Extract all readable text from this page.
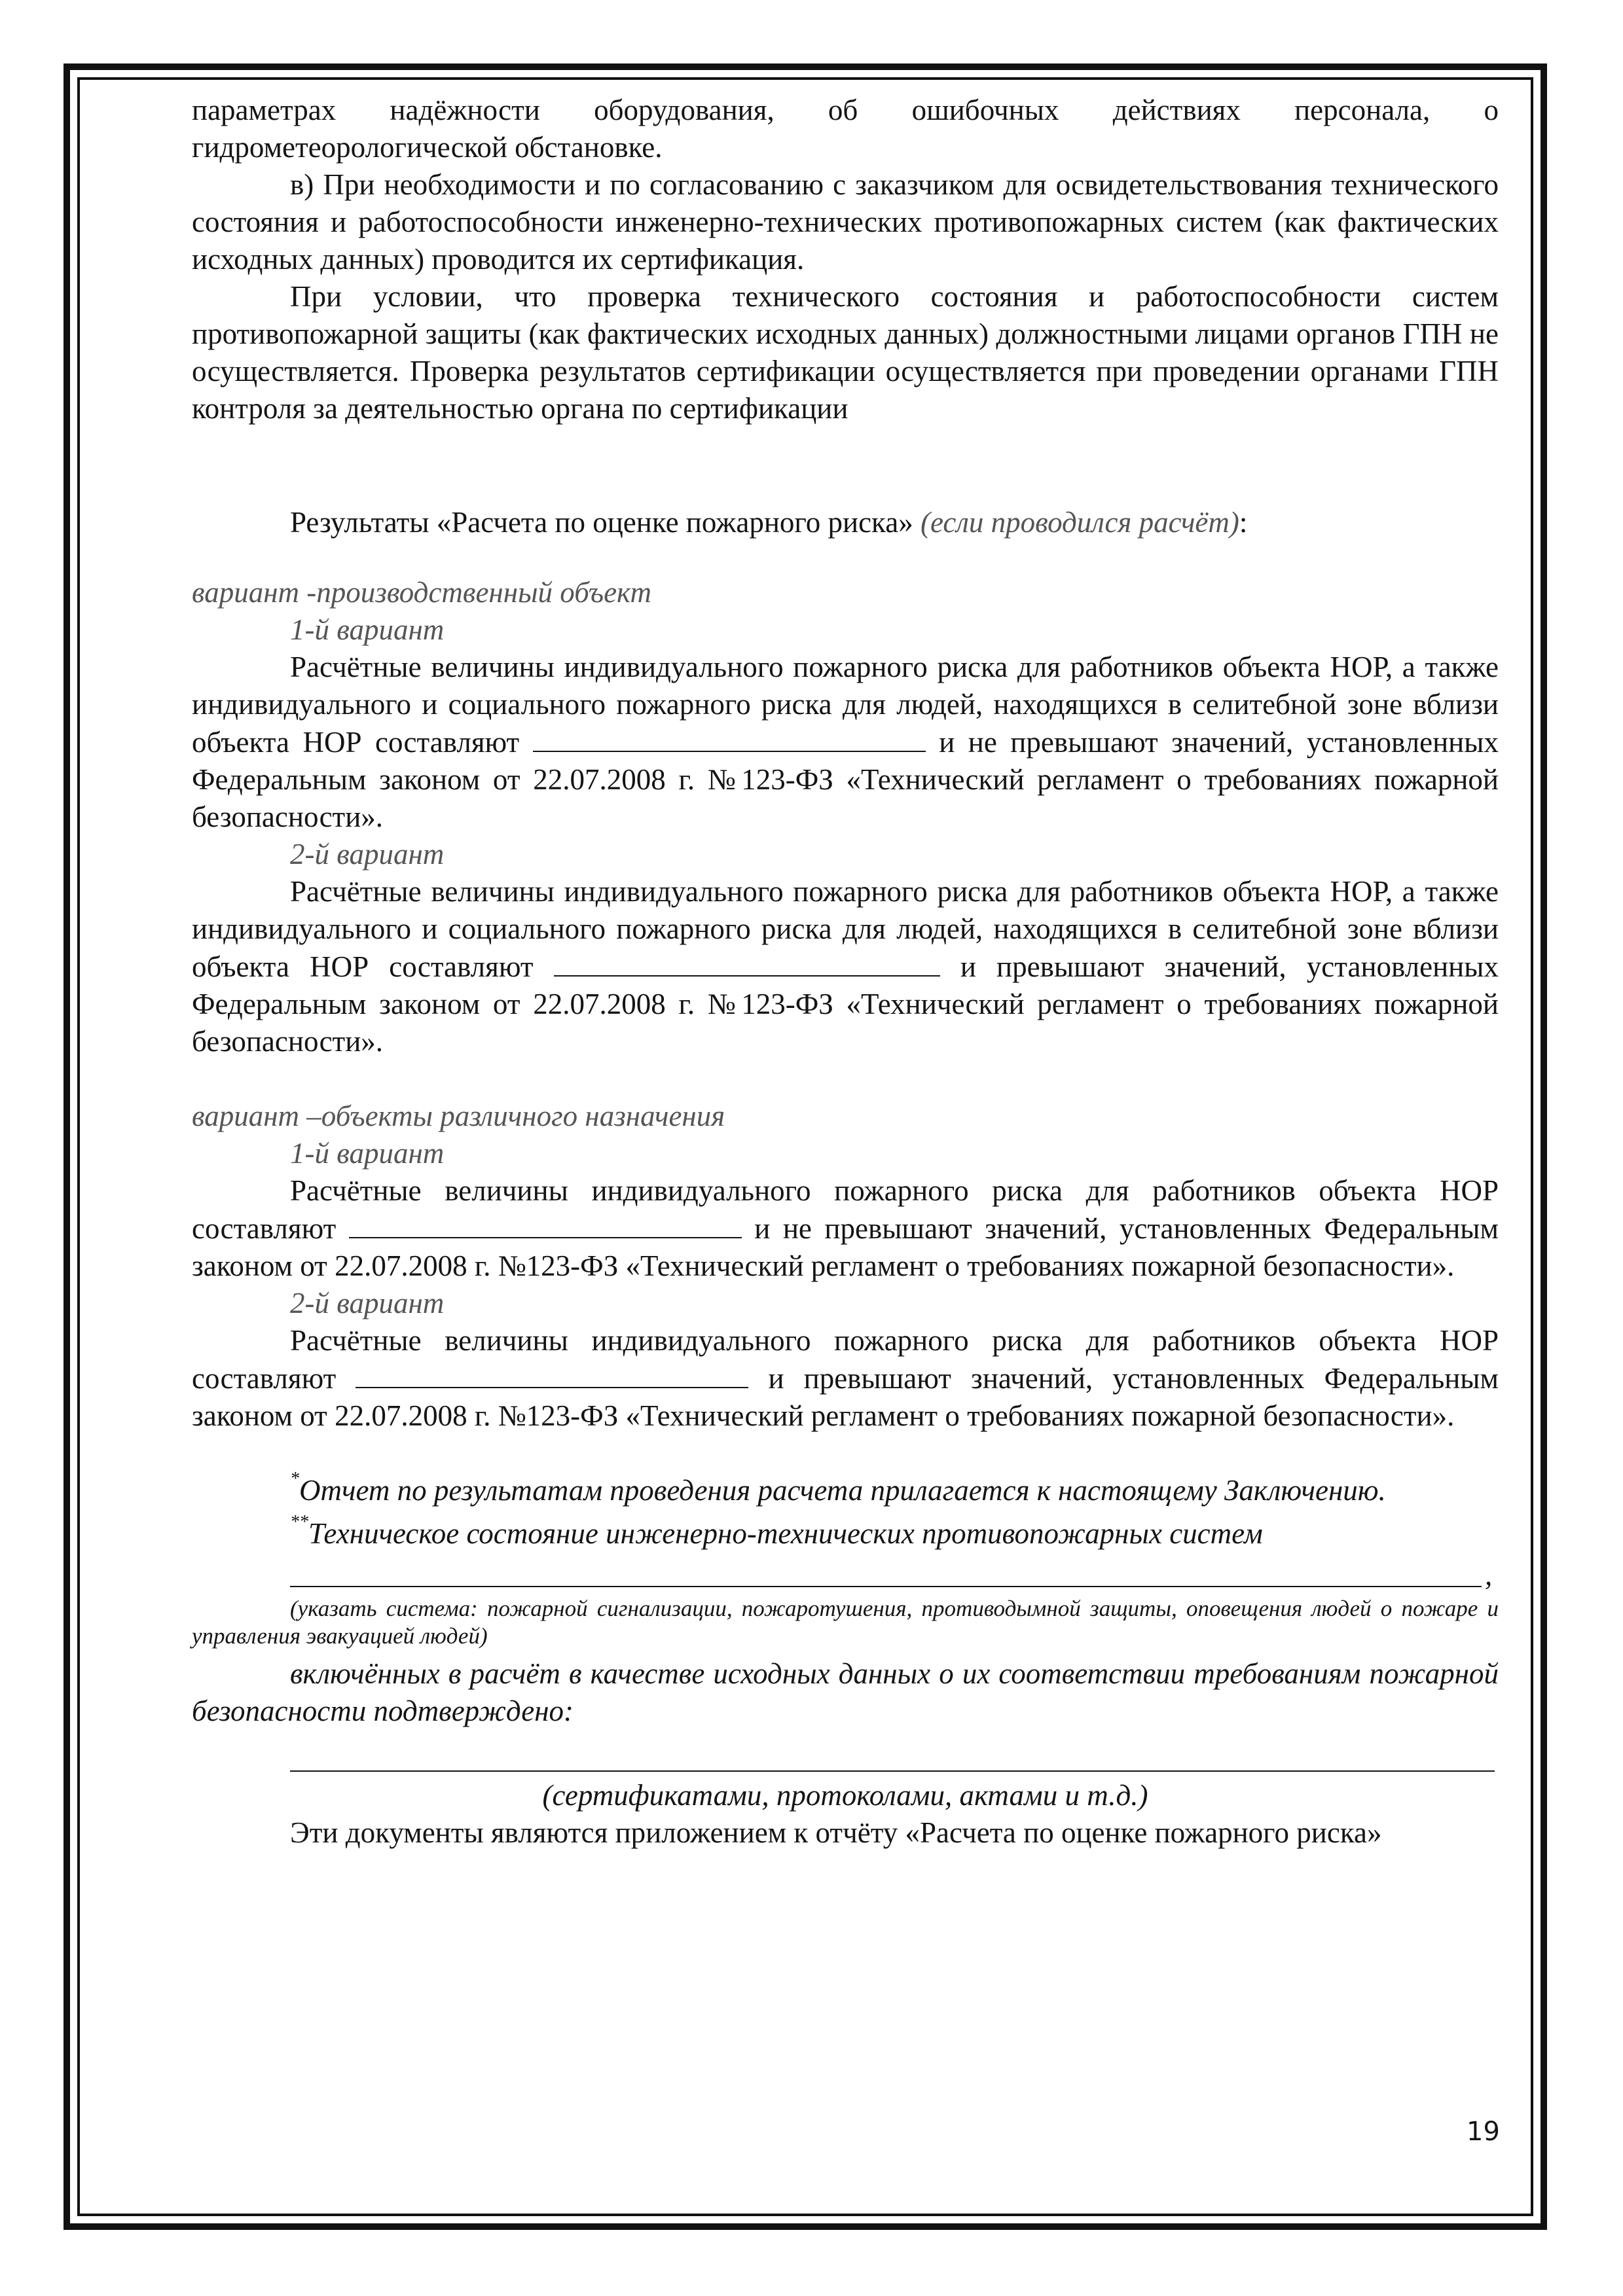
параметрах надёжности оборудования, об ошибочных действиях персонала, о

гидрометеорологической обстановке.

в) При необходимости и по согласованию с заказчиком для освидетельствования технического состояния и работоспособности инженерно-технических противопожарных систем (как фактических исходных данных) проводится их сертификация.

При условии, что проверка технического состояния и работоспособности систем противопожарной защиты (как фактических исходных данных) должностными лицами органов ГПН не осуществляется. Проверка результатов сертификации осуществляется при проведении органами ГПН контроля за деятельностью органа по сертификации

Результаты «Расчета по оценке пожарного риска» (если проводился расчёт):

вариант -производственный объект

1-й вариант

Расчётные величины индивидуального пожарного риска для работников объекта НОР, а также индивидуального и социального пожарного риска для людей, находящихся в селитебной зоне вблизи объекта НОР составляют	и не превышают значений, установленных Федеральным законом от 22.07.2008 г. №123-ФЗ «Технический регламент о требованиях пожарной безопасности».

2-й вариант

Расчётные величины индивидуального пожарного риска для работников объекта НОР, а также индивидуального и социального пожарного риска для людей, находящихся в селитебной зоне вблизи объекта НОР составляют	и превышают значений, установленных Федеральным законом от 22.07.2008 г. №123-ФЗ «Технический регламент о требованиях пожарной безопасности».

вариант –объекты различного назначения

1-й вариант

Расчётные величины индивидуального пожарного риска для работников объекта НОР составляют	и не превышают значений, установленных Федеральным законом от 22.07.2008 г. №123-ФЗ «Технический регламент о требованиях пожарной безопасности».

2-й вариант

Расчётные величины индивидуального пожарного риска для работников объекта НОР составляют	и превышают значений, установленных Федеральным законом от 22.07.2008 г. №123-ФЗ «Технический регламент о требованиях пожарной безопасности».

*Отчет по результатам проведения расчета прилагается к настоящему Заключению.

**Техническое состояние инженерно-технических противопожарных систем

,

(указать система: пожарной сигнализации, пожаротушения, противодымной защиты, оповещения людей о пожаре и управления эвакуацией людей)

включённых в расчёт в качестве исходных данных о их соответствии требованиям пожарной безопасности подтверждено:

(сертификатами, протоколами, актами и т.д.)

Эти документы являются приложением к отчёту «Расчета по оценке пожарного риска»

19
